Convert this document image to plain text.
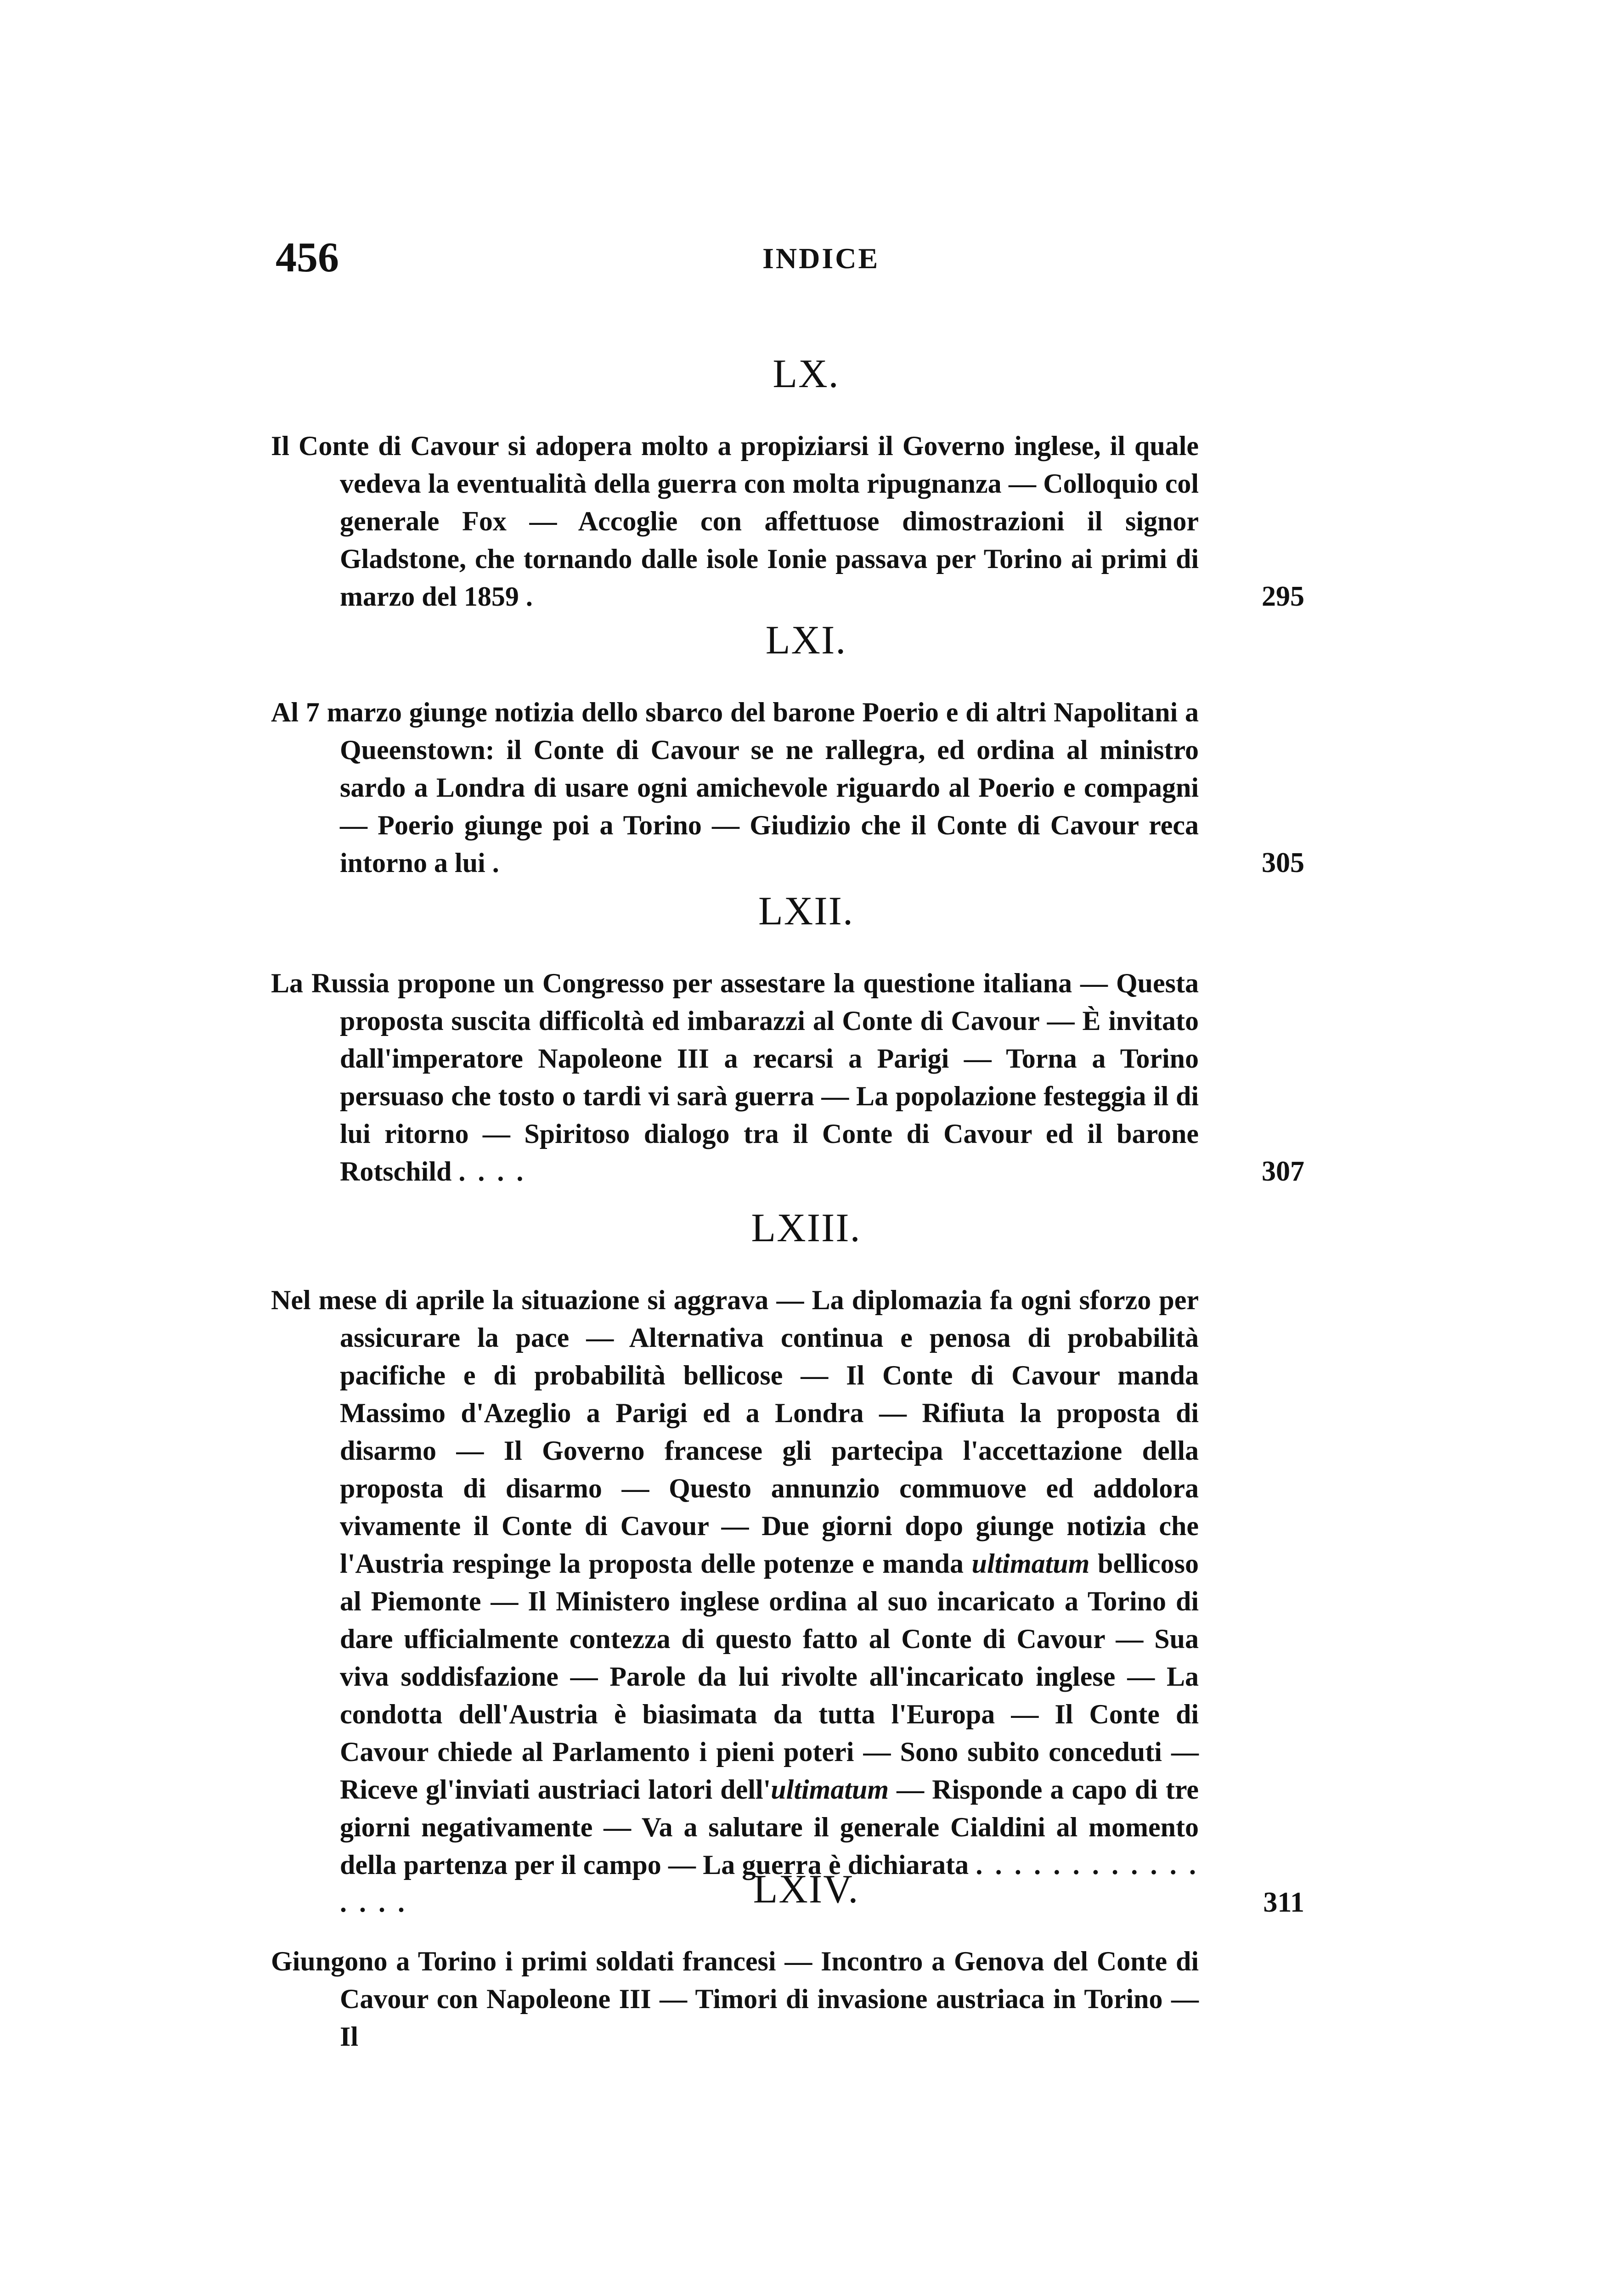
456	INDICE
LX.

Il Conte di Cavour si adopera molto a propiziarsi il Governo inglese, il quale vedeva la eventualità della guerra con molta ripugnanza — Colloquio col generale Fox — Accoglie con affettuose dimostrazioni il signor Gladstone, che tornando dalle isole Ionie passava per Torino ai primi di marzo del 1859 .	295

LXI.

Al 7 marzo giunge notizia dello sbarco del barone Poerio e di altri Napolitani a Queenstown: il Conte di Cavour se ne rallegra, ed ordina al ministro sardo a Londra di usare ogni amichevole riguardo al Poerio e compagni — Poerio giunge poi a Torino — Giudizio che il Conte di Cavour reca intorno a lui .	305

LXII.

La Russia propone un Congresso per assestare la questione italiana — Questa proposta suscita difficoltà ed imbarazzi al Conte di Cavour — È invitato dall'imperatore Napoleone III a recarsi a Parigi — Torna a Torino persuaso che tosto o tardi vi sarà guerra — La popolazione festeggia il di lui ritorno — Spiritoso dialogo tra il Conte di Cavour ed il barone Rotschild . . . .	307

LXIII.

Nel mese di aprile la situazione si aggrava — La diplomazia fa ogni sforzo per assicurare la pace — Alternativa continua e penosa di probabilità pacifiche e di probabilità bellicose — Il Conte di Cavour manda Massimo d'Azeglio a Parigi ed a Londra — Rifiuta la proposta di disarmo — Il Governo francese gli partecipa l'accettazione della proposta di disarmo — Questo annunzio commuove ed addolora vivamente il Conte di Cavour — Due giorni dopo giunge notizia che l'Austria respinge la proposta delle potenze e manda ultimatum bellicoso al Piemonte — Il Ministero inglese ordina al suo incaricato a Torino di dare ufficialmente contezza di questo fatto al Conte di Cavour — Sua viva soddisfazione — Parole da lui rivolte all'incaricato inglese — La condotta dell'Austria è biasimata da tutta l'Europa — Il Conte di Cavour chiede al Parlamento i pieni poteri — Sono subito conceduti — Riceve gl'inviati austriaci latori dell'ultimatum — Risponde a capo di tre giorni negativamente — Va a salutare il generale Cialdini al momento della partenza per il campo — La guerra è dichiarata . . . . . . . . . . . . . . . .	311

LXIV.

Giungono a Torino i primi soldati francesi — Incontro a Genova del Conte di Cavour con Napoleone III — Timori di invasione austriaca in Torino — Il
